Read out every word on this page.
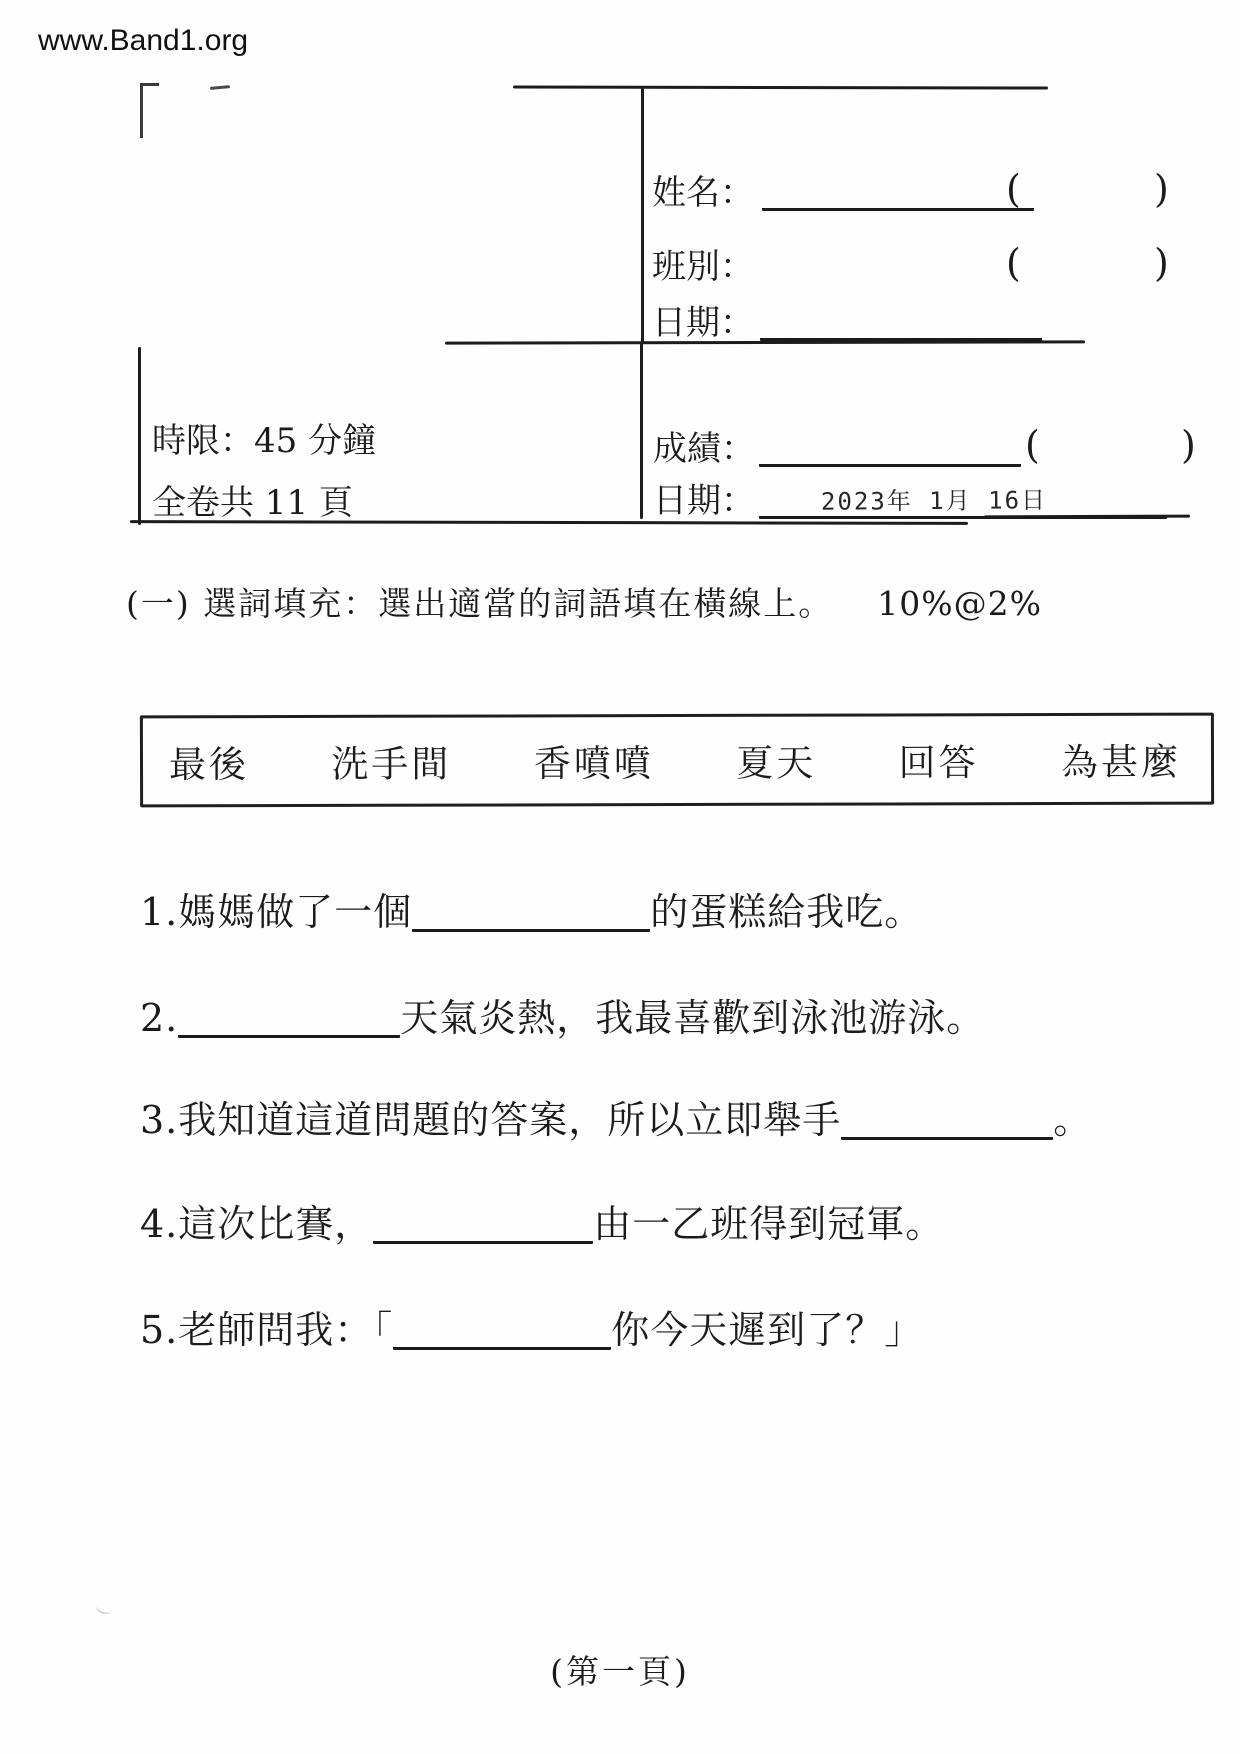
www.Band1.org
姓名：	(	)
班別：	(	)
日期：
時限：45 分鐘
全卷共 11 頁
成績：	(	)
日期：	2023年 1月 16日
(一) 選詞填充：選出適當的詞語填在橫線上。 10%@2%
最後 洗手間 香噴噴 夏天 回答 為甚麼
1.媽媽做了一個	的蛋糕給我吃。
2.	天氣炎熱，我最喜歡到泳池游泳。
3.我知道這道問題的答案，所以立即舉手	。
4.這次比賽，	由一乙班得到冠軍。
5.老師問我：「	你今天遲到了？」
(第一頁)
